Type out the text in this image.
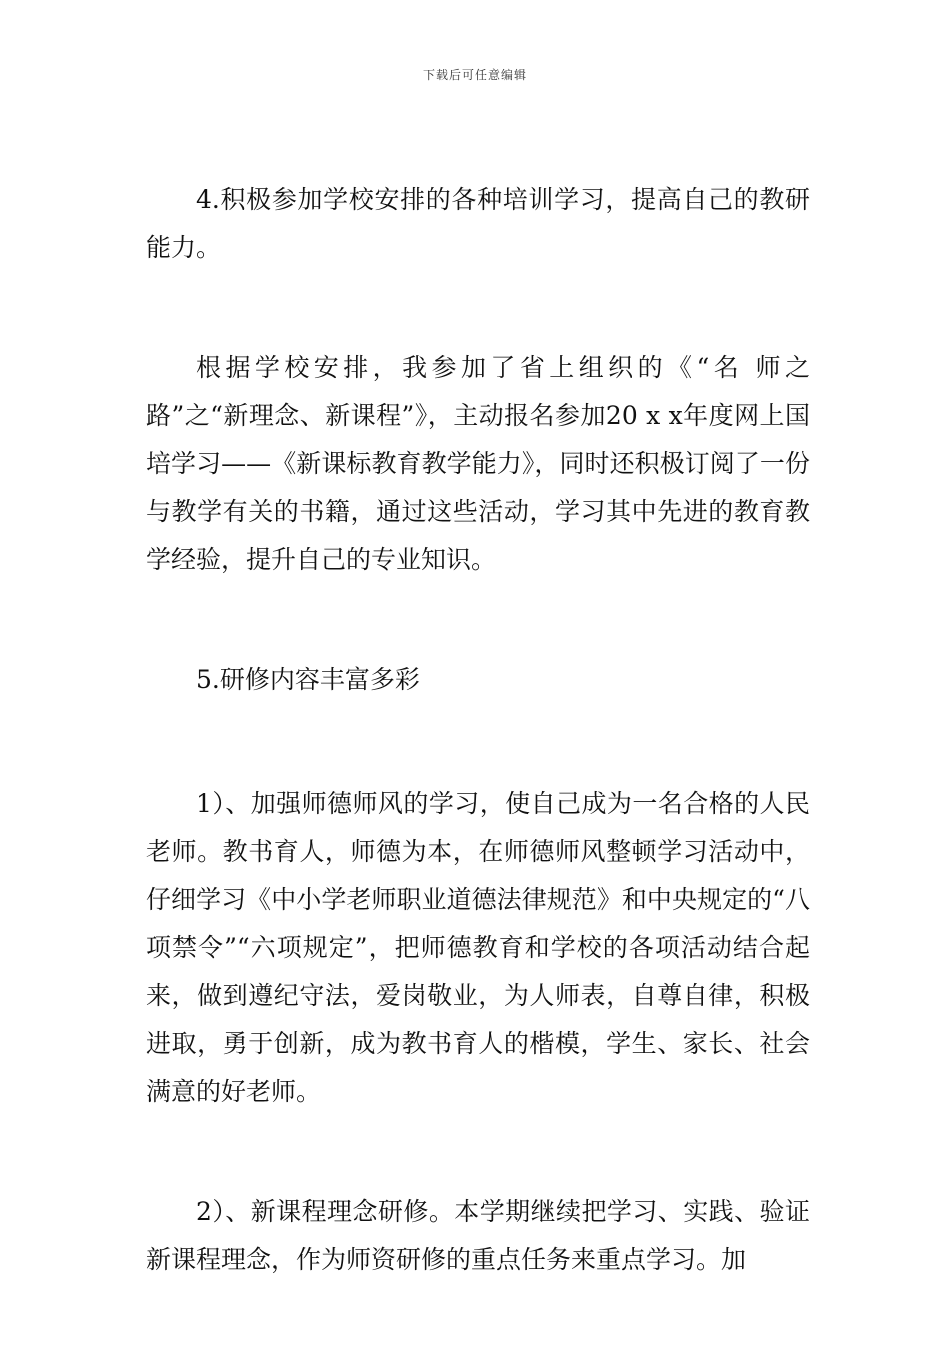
下载后可任意编辑

4.积极参加学校安排的各种培训学习，提高自己的教研能力。

根据学校安排，我参加了省上组织的《“名 师之路”之“新理念、新课程”》，主动报名参加20 x x年度网上国培学习——《新课标教育教学能力》，同时还积极订阅了一份与教学有关的书籍，通过这些活动，学习其中先进的教育教学经验，提升自己的专业知识。

5.研修内容丰富多彩

1）、加强师德师风的学习，使自己成为一名合格的人民老师。教书育人，师德为本，在师德师风整顿学习活动中，仔细学习《中小学老师职业道德法律规范》和中央规定的“八项禁令”“六项规定”，把师德教育和学校的各项活动结合起来，做到遵纪守法，爱岗敬业，为人师表，自尊自律，积极进取，勇于创新，成为教书育人的楷模，学生、家长、社会满意的好老师。

2）、新课程理念研修。本学期继续把学习、实践、验证新课程理念，作为师资研修的重点任务来重点学习。加
